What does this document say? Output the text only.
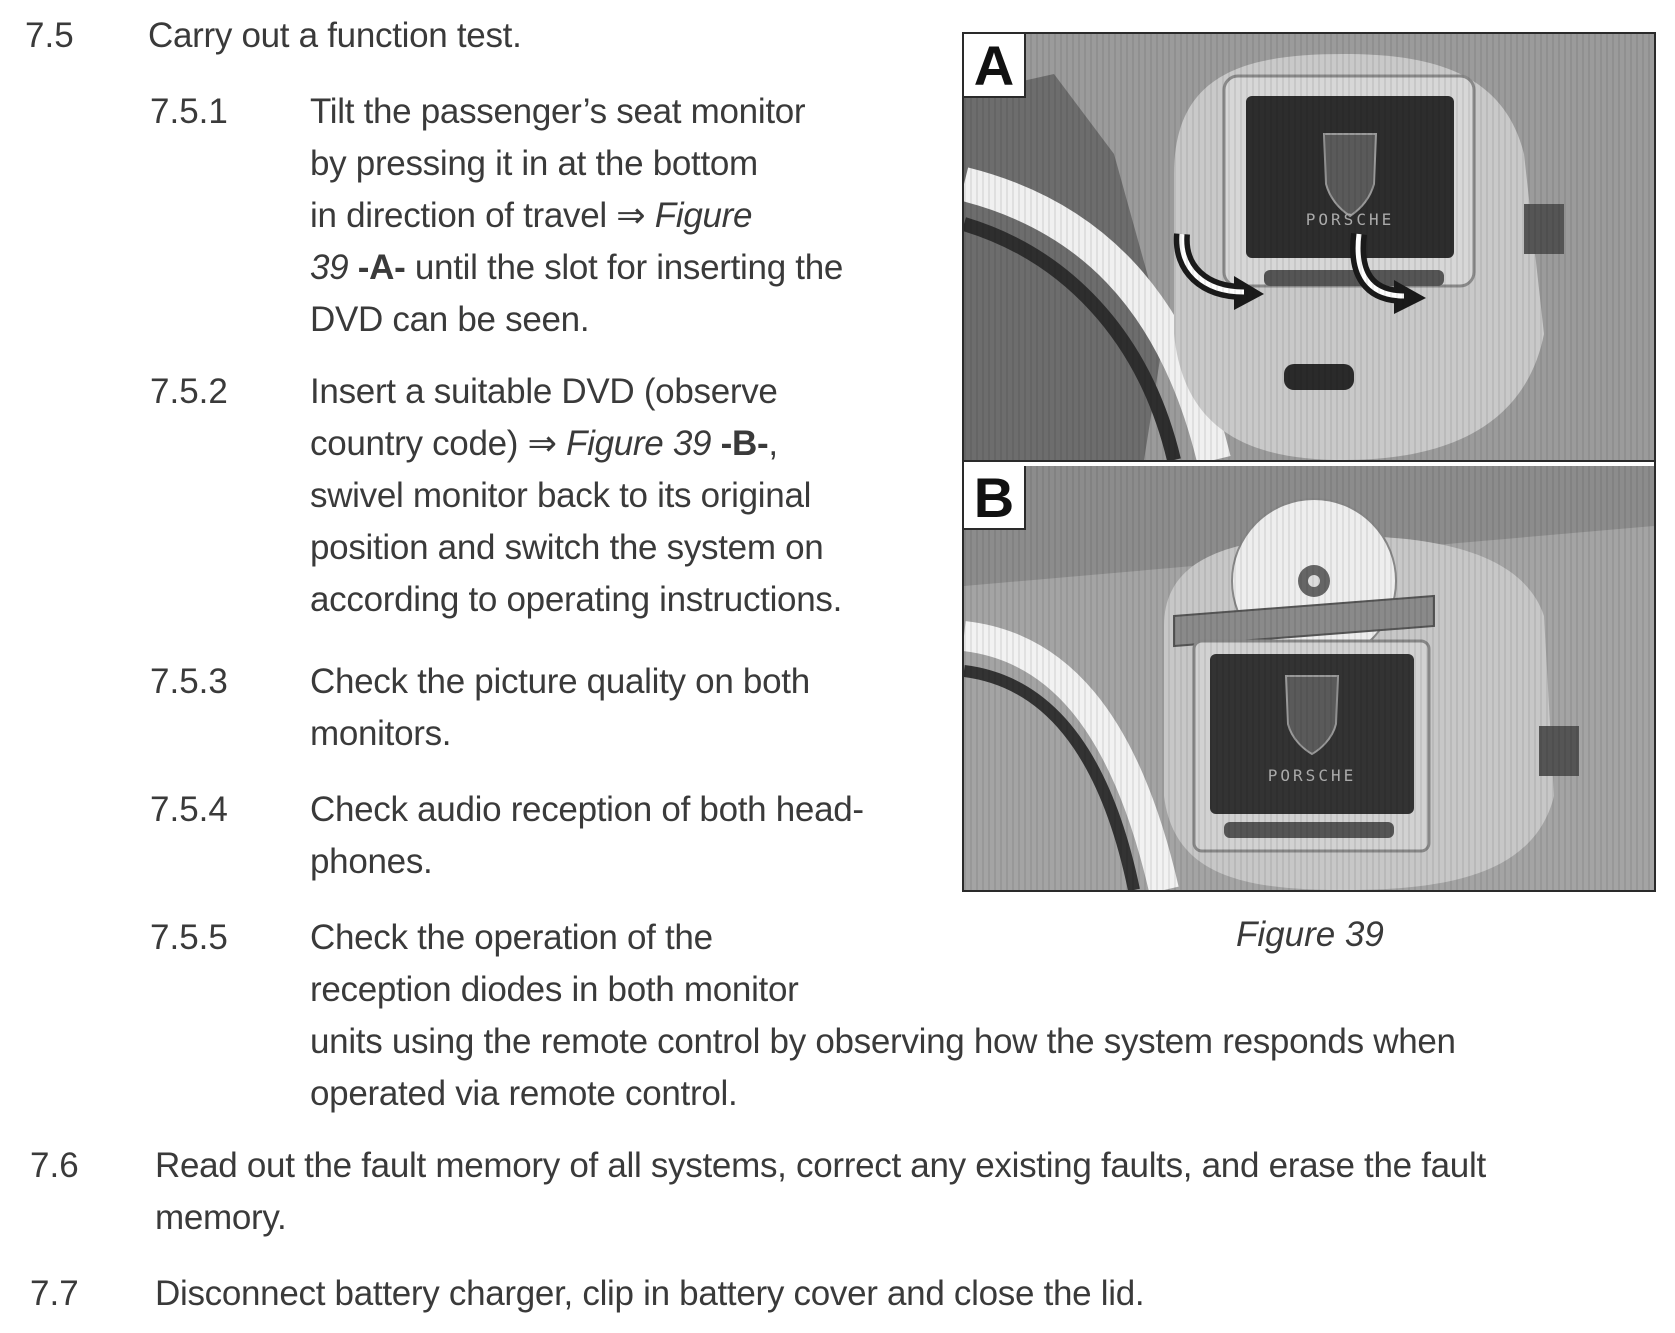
7.5 Carry out a function test.
7.5.1 Tilt the passenger’s seat monitor
by pressing it in at the bottom
in direction of travel ⇒ Figure
39 -A- until the slot for inserting the
DVD can be seen.
7.5.2 Insert a suitable DVD (observe
country code) ⇒ Figure 39 -B-,
swivel monitor back to its original
position and switch the system on
according to operating instructions.
7.5.3 Check the picture quality on both
monitors.
7.5.4 Check audio reception of both head-
phones.
7.5.5 Check the operation of the
reception diodes in both monitor
units using the remote control by observing how the system responds when
operated via remote control.
7.6 Read out the fault memory of all systems, correct any existing faults, and erase the fault
memory.
7.7 Disconnect battery charger, clip in battery cover and close the lid.
PORSCHE
A
PORSCHE
B
Figure 39
